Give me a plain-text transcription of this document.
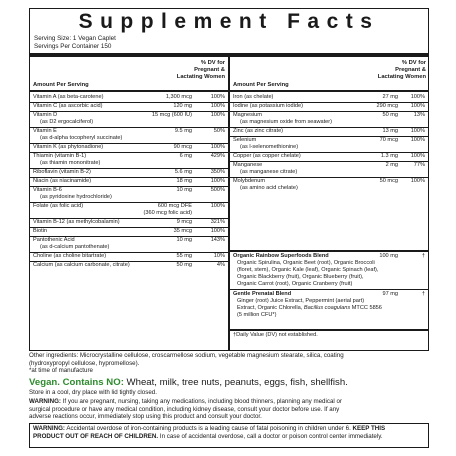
Supplement Facts
Serving Size: 1 Vegan Caplet
Servings Per Container 150
Amount Per Serving
% DV for
Pregnant &
Lactating Women
Amount Per Serving
% DV for
Pregnant &
Lactating Women
Vitamin A (as beta-carotene)	1,300 mcg	100%
Vitamin C (as ascorbic acid)	120 mg	100%
Vitamin D
(as D2 ergocalciferol)
15 mcg (600 IU)	100%
Vitamin E
(as d-alpha tocopheryl succinate)
9.5 mg	50%
Vitamin K (as phytonadione)	90 mcg	100%
Thiamin (vitamin B-1)
(as thiamin mononitrate)
6 mg	429%
Riboflavin (vitamin B-2)	5.6 mg	350%
Niacin (as niacinamide)	18 mg	100%
Vitamin B-6
(as pyridoxine hydrochloride)
10 mg	500%
Folate (as folic acid)	600 mcg DFE
(360 mcg folic acid)
100%
Vitamin B-12 (as methylcobalamin)	9 mcg	321%
Biotin	35 mcg	100%
Pantothenic Acid
(as d-calcium pantothenate)
10 mg	143%
Choline (as choline bitartrate)	55 mg	10%
Calcium (as calcium carbonate, citrate)	50 mg	4%
Iron (as chelate)	27 mg 100%
Iodine (as potassium iodide)	290 mcg 100%
Magnesium
(as magnesium oxide from seawater)
50 mg	13%
Zinc (as zinc citrate)	13 mg 100%
Selenium
(as l-selenomethionine)
70 mcg 100%
Copper (as copper chelate)	1.3 mg 100%
Manganese
(as manganese citrate)
2 mg	77%
Molybdenum
(as amino acid chelate)
50 mcg 100%
Organic Rainbow Superfoods Blend	100 mg	†
Organic Spirulina, Organic Beet (root), Organic Broccoli
(floret, stem), Organic Kale (leaf), Organic Spinach (leaf),
Organic Blackberry (fruit), Organic Blueberry (fruit),
Organic Carrot (root), Organic Cranberry (fruit)
Gentle Prenatal Blend	97 mg	†
Ginger (root) Juice Extract, Peppermint (aerial part)
Extract, Organic Chlorella, Bacillus coagulans MTCC 5856
(5 million CFU*)
†Daily Value (DV) not established.
Other ingredients: Microcrystalline cellulose, croscarmellose sodium, vegetable magnesium stearate, silica, coating
(hydroxypropyl cellulose, hypromellose).
*at time of manufacture
Vegan. Contains NO: Wheat, milk, tree nuts, peanuts, eggs, fish, shellfish.
Store in a cool, dry place with lid tightly closed.
WARNING: If you are pregnant, nursing, taking any medications, including blood thinners, planning any medical or
surgical procedure or have any medical condition, including kidney disease, consult your doctor before use. If any
adverse reactions occur, immediately stop using this product and consult your doctor.
WARNING: Accidental overdose of iron-containing products is a leading cause of fatal poisoning in children under 6. KEEP THIS
PRODUCT OUT OF REACH OF CHILDREN. In case of accidental overdose, call a doctor or poison control center immediately.
